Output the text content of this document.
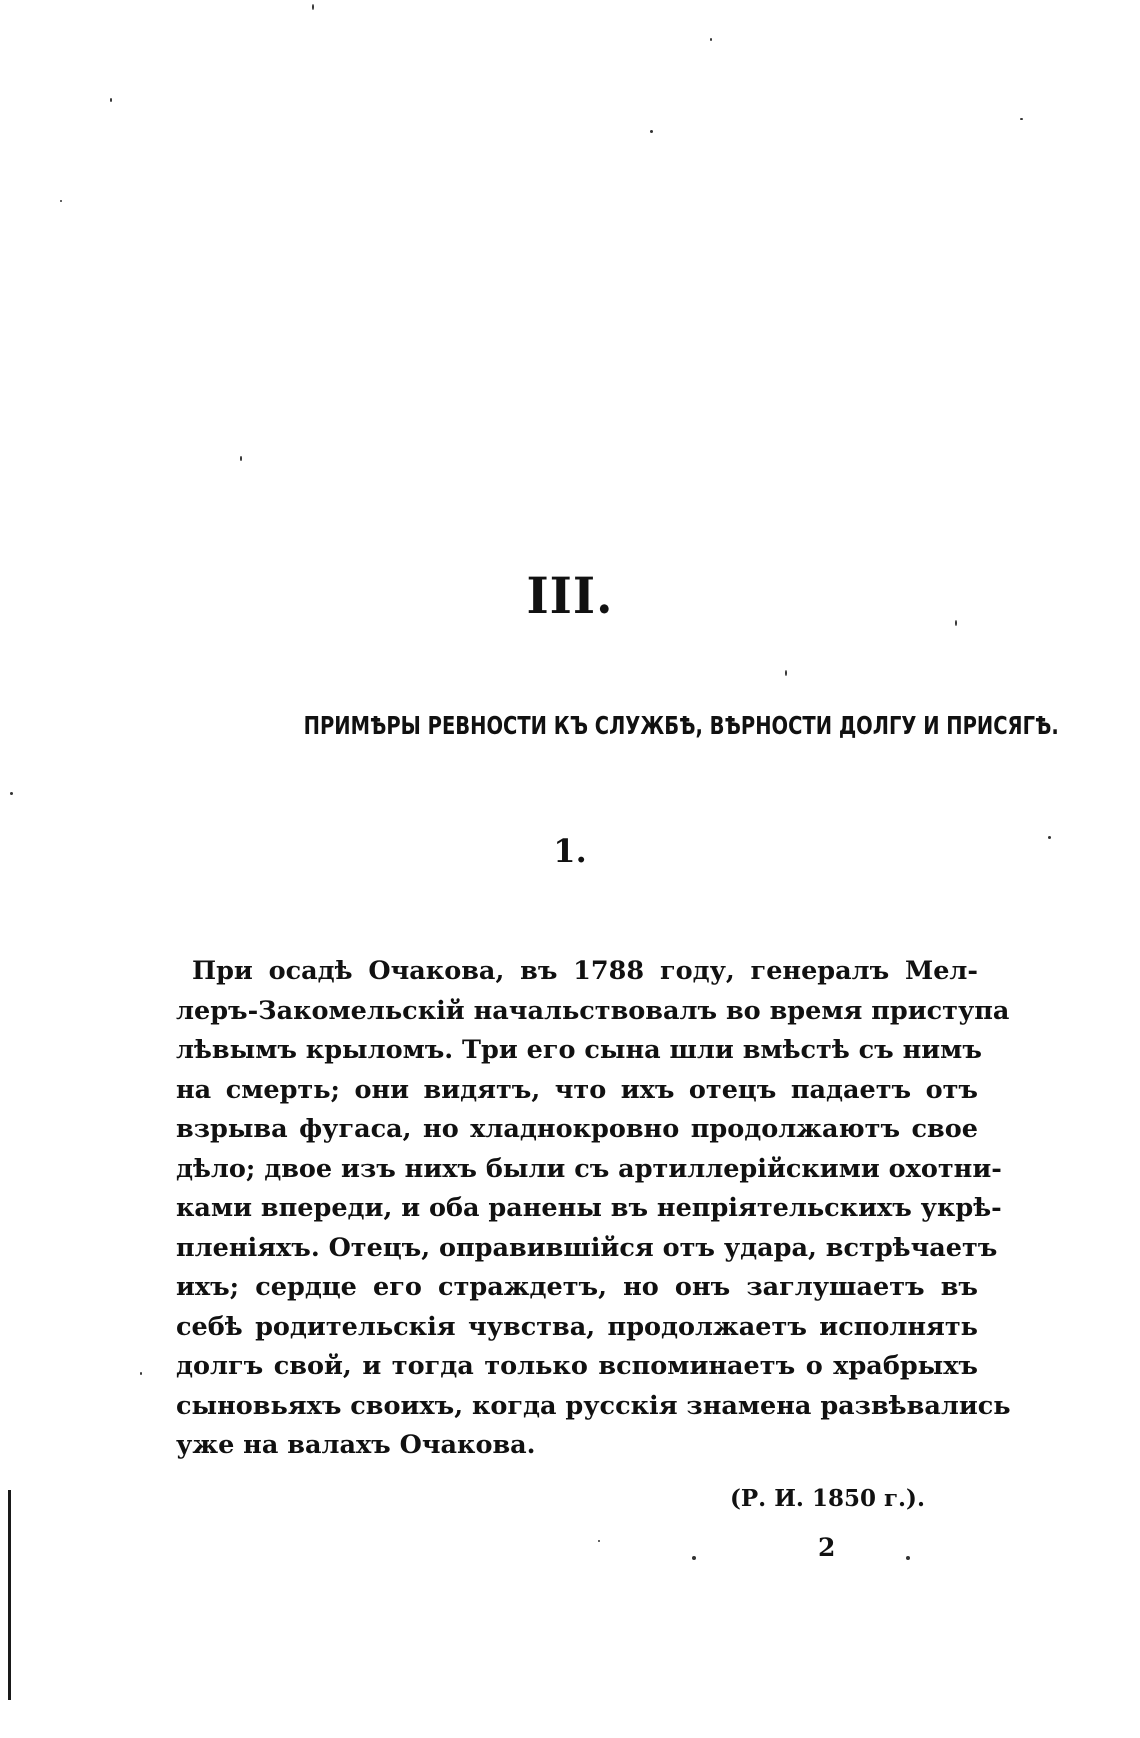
III.
ПРИМѢРЫ РЕВНОСТИ КЪ СЛУЖБѢ, ВѢРНОСТИ ДОЛГУ И ПРИСЯГѢ.
1.
При осадѣ Очакова, въ 1788 году, генералъ Мел-
леръ-Закомельскій начальствовалъ во время приступа
лѣвымъ крыломъ. Три его сына шли вмѣстѣ съ нимъ
на смерть; они видятъ, что ихъ отецъ падаетъ отъ
взрыва фугаса, но хладнокровно продолжаютъ свое
дѣло; двое изъ нихъ были съ артиллерійскими охотни-
ками впереди, и оба ранены въ непріятельскихъ укрѣ-
пленіяхъ. Отецъ, оправившійся отъ удара, встрѣчаетъ
ихъ; сердце его страждетъ, но онъ заглушаетъ въ
себѣ родительскія чувства, продолжаетъ исполнять
долгъ свой, и тогда только вспоминаетъ о храбрыхъ
сыновьяхъ своихъ, когда русскія знамена развѣвались
уже на валахъ Очакова.
(Р. И. 1850 г.).
2
